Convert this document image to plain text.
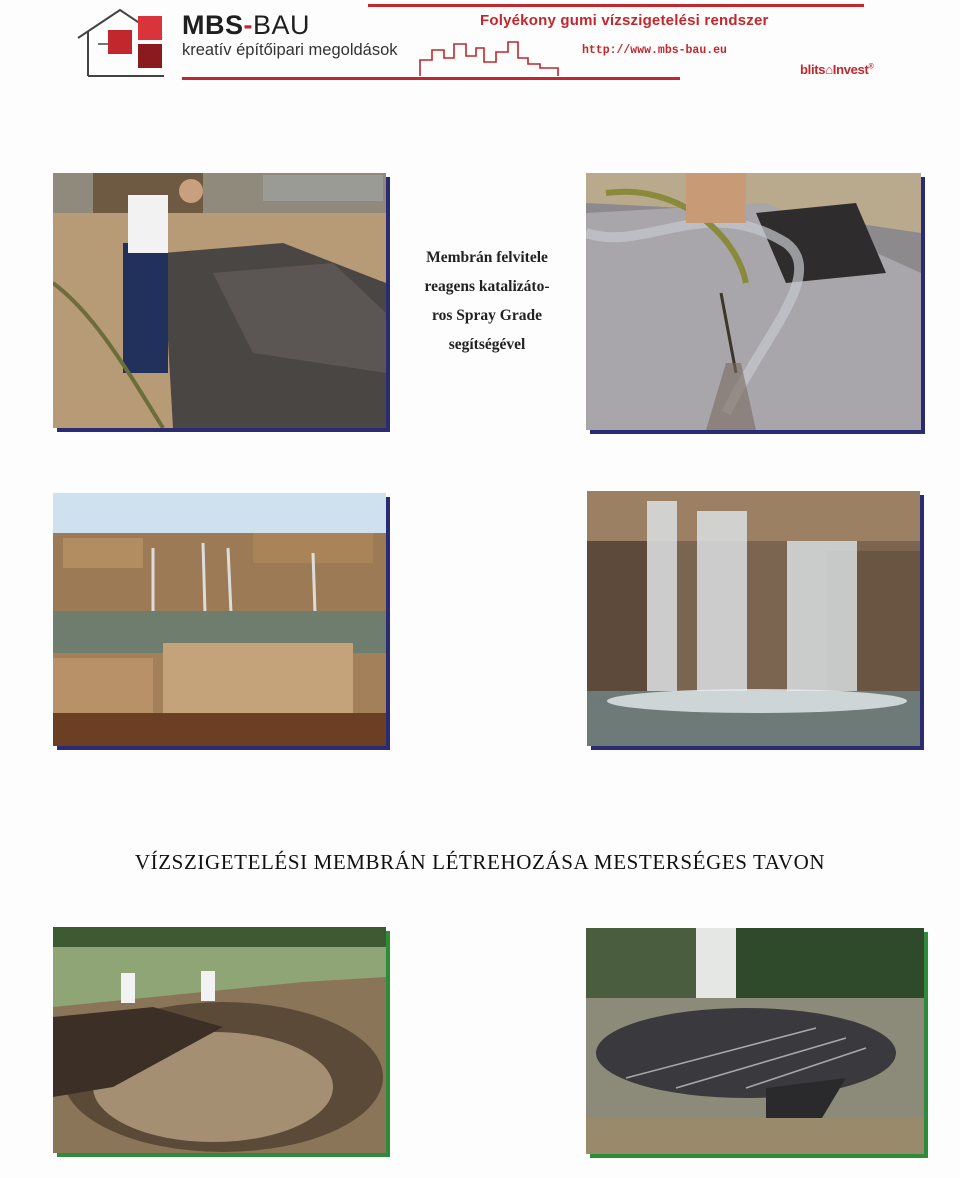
MBS-BAU
kreatív építőipari megoldások
Folyékony gumi vízszigetelési rendszer
http://www.mbs-bau.eu
blits⌂Invest®
Membrán felvitele
reagens katalizáto-
ros Spray Grade
segítségével
VÍZSZIGETELÉSI MEMBRÁN LÉTREHOZÁSA MESTERSÉGES TAVON
